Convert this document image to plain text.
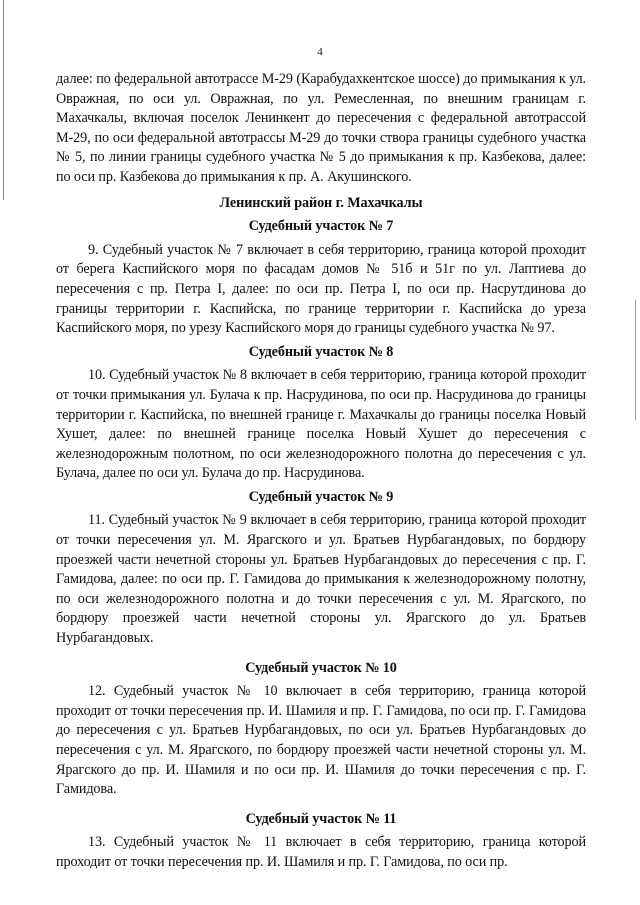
4

далее: по федеральной автотрассе М-29 (Карабудахкентское шоссе) до примыкания к ул. Овражная, по оси ул. Овражная, по ул. Ремесленная, по внешним границам г. Махачкалы, включая поселок Ленинкент до пересечения с федеральной автотрассой М-29, по оси федеральной автотрассы М-29 до точки створа границы судебного участка № 5, по линии границы судебного участка № 5 до примыкания к пр. Казбекова, далее: по оси пр. Казбекова до примыкания к пр. А. Акушинского.

Ленинский район г. Махачкалы

Судебный участок № 7

9. Судебный участок № 7 включает в себя территорию, граница которой проходит от берега Каспийского моря по фасадам домов № 51б и 51г по ул. Лаптиева до пересечения с пр. Петра I, далее: по оси пр. Петра I, по оси пр. Насрутдинова до границы территории г. Каспийска, по границе территории г. Каспийска до уреза Каспийского моря, по урезу Каспийского моря до границы судебного участка № 97.

Судебный участок № 8

10. Судебный участок № 8 включает в себя территорию, граница которой проходит от точки примыкания ул. Булача к пр. Насрудинова, по оси пр. Насрудинова до границы территории г. Каспийска, по внешней границе г. Махачкалы до границы поселка Новый Хушет, далее: по внешней границе поселка Новый Хушет до пересечения с железнодорожным полотном, по оси железнодорожного полотна до пересечения с ул. Булача, далее по оси ул. Булача до пр. Насрудинова.

Судебный участок № 9

11. Судебный участок № 9 включает в себя территорию, граница которой проходит от точки пересечения ул. М. Ярагского и ул. Братьев Нурбагандовых, по бордюру проезжей части нечетной стороны ул. Братьев Нурбагандовых до пересечения с пр. Г. Гамидова, далее: по оси пр. Г. Гамидова до примыкания к железнодорожному полотну, по оси железнодорожного полотна и до точки пересечения с ул. М. Ярагского, по бордюру проезжей части нечетной стороны ул. Ярагского до ул. Братьев Нурбагандовых.

Судебный участок № 10

12. Судебный участок № 10 включает в себя территорию, граница которой проходит от точки пересечения пр. И. Шамиля и пр. Г. Гамидова, по оси пр. Г. Гамидова до пересечения с ул. Братьев Нурбагандовых, по оси ул. Братьев Нурбагандовых до пересечения с ул. М. Ярагского, по бордюру проезжей части нечетной стороны ул. М. Ярагского до пр. И. Шамиля и по оси пр. И. Шамиля до точки пересечения с пр. Г. Гамидова.

Судебный участок № 11

13. Судебный участок № 11 включает в себя территорию, граница которой проходит от точки пересечения пр. И. Шамиля и пр. Г. Гамидова, по оси пр.
